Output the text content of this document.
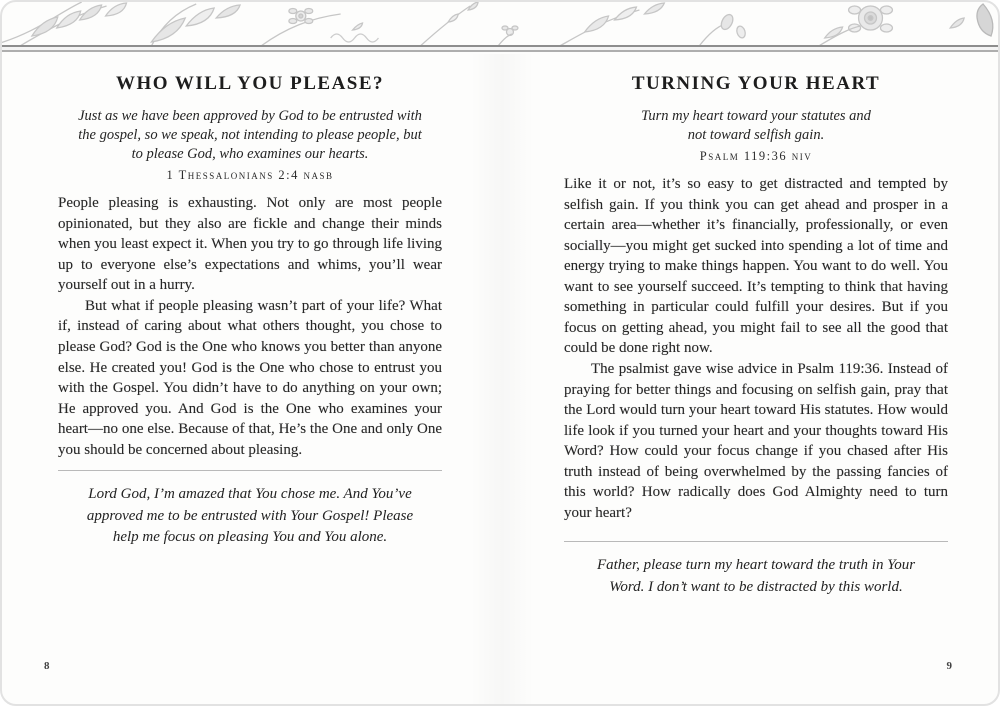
WHO WILL YOU PLEASE?
Just as we have been approved by God to be entrusted with the gospel, so we speak, not intending to please people, but to please God, who examines our hearts.
1 Thessalonians 2:4 nasb

People pleasing is exhausting. Not only are most people opinionated, but they also are fickle and change their minds when you least expect it. When you try to go through life living up to everyone else’s expectations and whims, you’ll wear yourself out in a hurry.

But what if people pleasing wasn’t part of your life? What if, instead of caring about what others thought, you chose to please God? God is the One who knows you better than anyone else. He created you! God is the One who chose to entrust you with the Gospel. You didn’t have to do anything on your own; He approved you. And God is the One who examines your heart—no one else. Because of that, He’s the One and only One you should be concerned about pleasing.

Lord God, I’m amazed that You chose me. And You’ve approved me to be entrusted with Your Gospel! Please help me focus on pleasing You and You alone.
TURNING YOUR HEART
Turn my heart toward your statutes and not toward selfish gain.
Psalm 119:36 niv

Like it or not, it’s so easy to get distracted and tempted by selfish gain. If you think you can get ahead and prosper in a certain area—whether it’s financially, professionally, or even socially—you might get sucked into spending a lot of time and energy trying to make things happen. You want to do well. You want to see yourself succeed. It’s tempting to think that having something in particular could fulfill your desires. But if you focus on getting ahead, you might fail to see all the good that could be done right now.

The psalmist gave wise advice in Psalm 119:36. Instead of praying for better things and focusing on selfish gain, pray that the Lord would turn your heart toward His statutes. How would life look if you turned your heart and your thoughts toward His Word? How could your focus change if you chased after His truth instead of being overwhelmed by the passing fancies of this world? How radically does God Almighty need to turn your heart?

Father, please turn my heart toward the truth in Your Word. I don’t want to be distracted by this world.
8	9
